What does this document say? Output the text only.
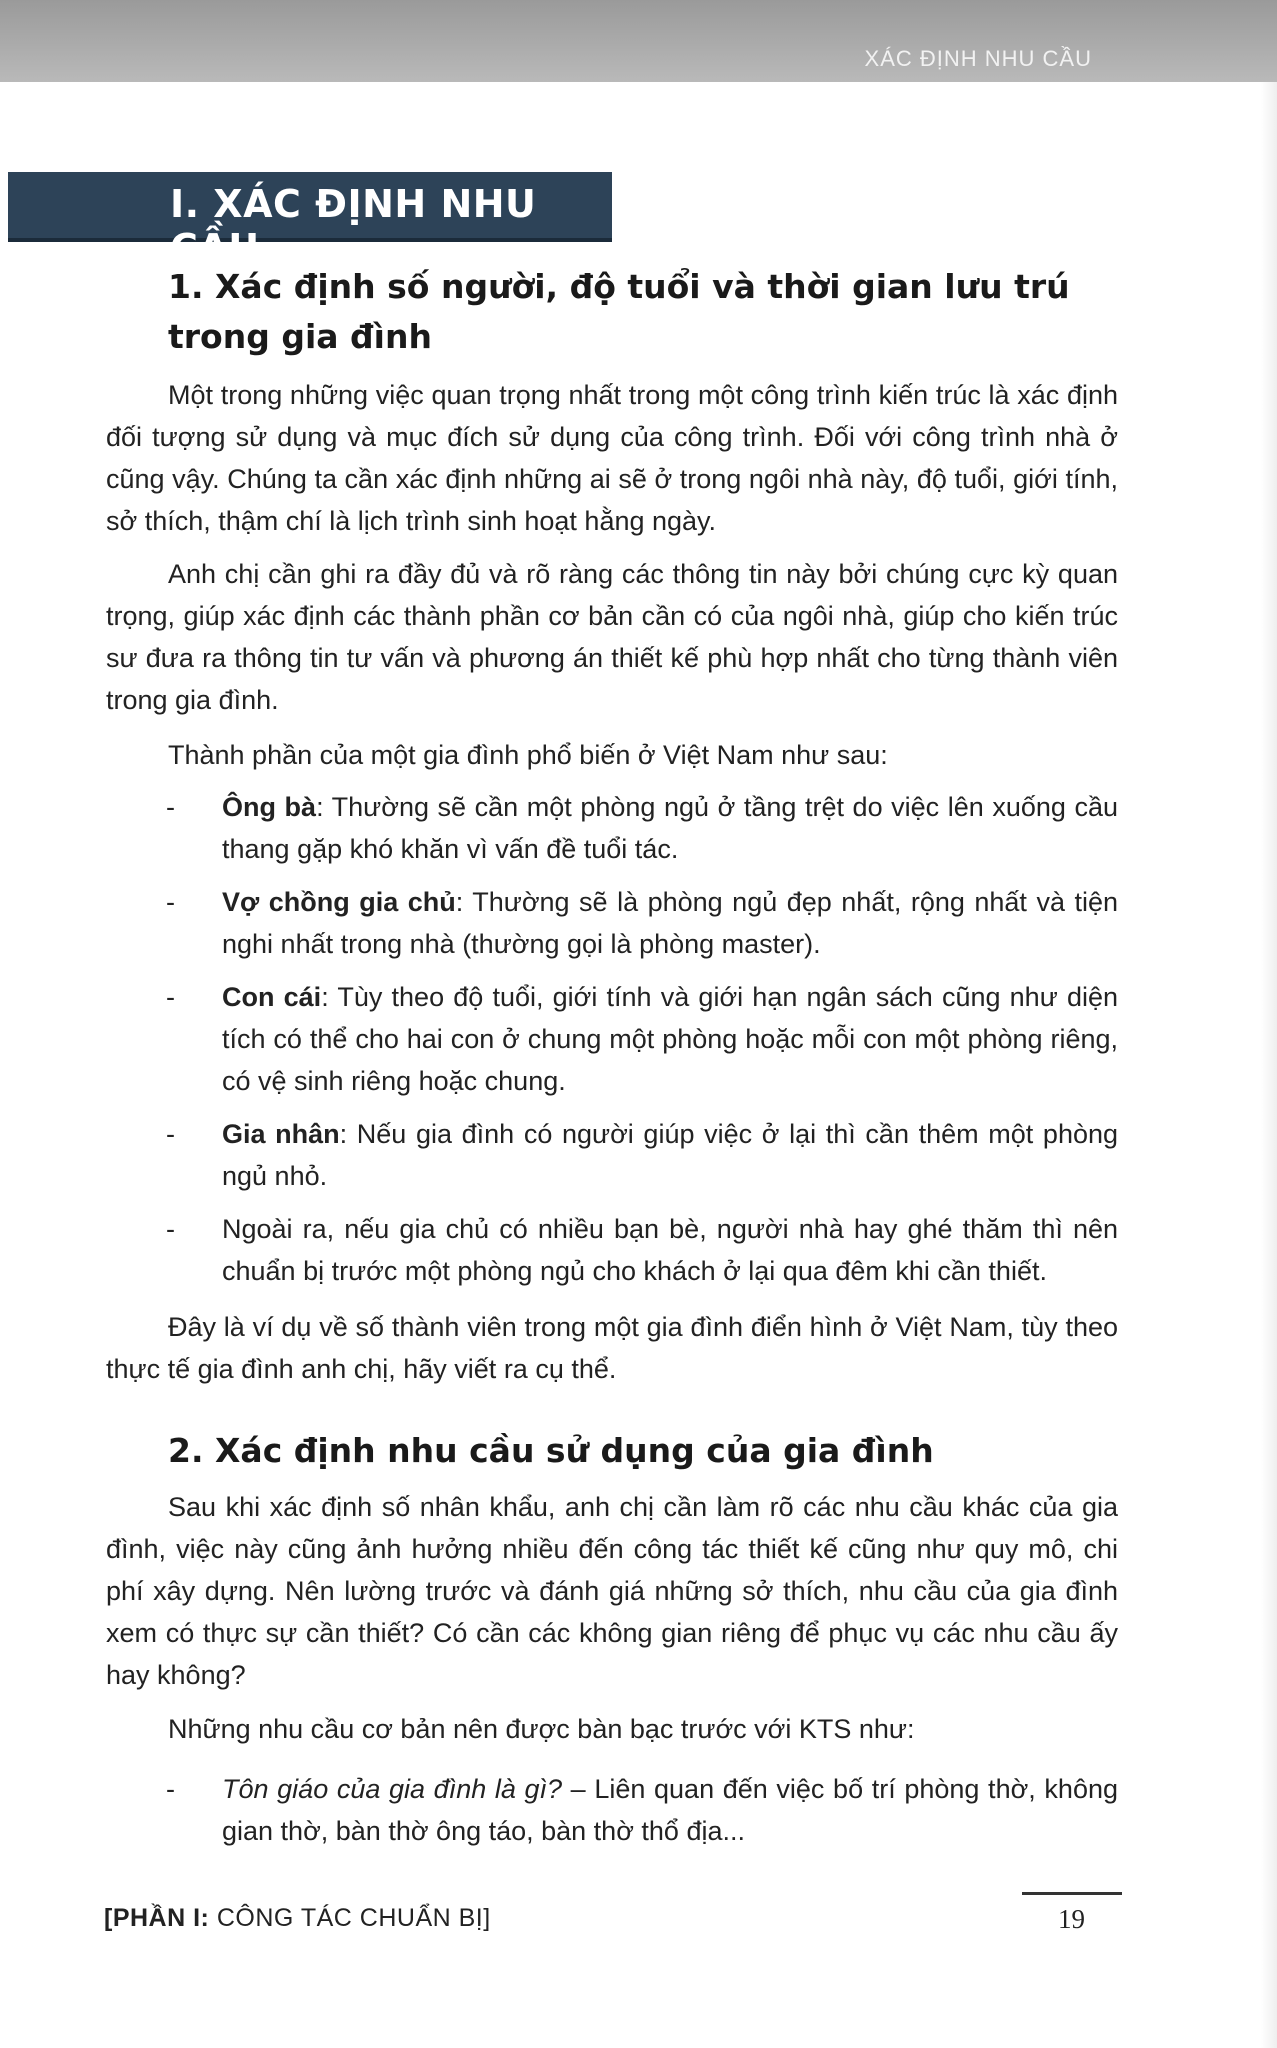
XÁC ĐỊNH NHU CẦU
I. XÁC ĐỊNH NHU CẦU
1. Xác định số người, độ tuổi và thời gian lưu trú trong gia đình

Một trong những việc quan trọng nhất trong một công trình kiến trúc là xác định đối tượng sử dụng và mục đích sử dụng của công trình. Đối với công trình nhà ở cũng vậy. Chúng ta cần xác định những ai sẽ ở trong ngôi nhà này, độ tuổi, giới tính, sở thích, thậm chí là lịch trình sinh hoạt hằng ngày.

Anh chị cần ghi ra đầy đủ và rõ ràng các thông tin này bởi chúng cực kỳ quan trọng, giúp xác định các thành phần cơ bản cần có của ngôi nhà, giúp cho kiến trúc sư đưa ra thông tin tư vấn và phương án thiết kế phù hợp nhất cho từng thành viên trong gia đình.

Thành phần của một gia đình phổ biến ở Việt Nam như sau:

- Ông bà: Thường sẽ cần một phòng ngủ ở tầng trệt do việc lên xuống cầu thang gặp khó khăn vì vấn đề tuổi tác.
- Vợ chồng gia chủ: Thường sẽ là phòng ngủ đẹp nhất, rộng nhất và tiện nghi nhất trong nhà (thường gọi là phòng master).
- Con cái: Tùy theo độ tuổi, giới tính và giới hạn ngân sách cũng như diện tích có thể cho hai con ở chung một phòng hoặc mỗi con một phòng riêng, có vệ sinh riêng hoặc chung.
- Gia nhân: Nếu gia đình có người giúp việc ở lại thì cần thêm một phòng ngủ nhỏ.
- Ngoài ra, nếu gia chủ có nhiều bạn bè, người nhà hay ghé thăm thì nên chuẩn bị trước một phòng ngủ cho khách ở lại qua đêm khi cần thiết.

Đây là ví dụ về số thành viên trong một gia đình điển hình ở Việt Nam, tùy theo thực tế gia đình anh chị, hãy viết ra cụ thể.

2. Xác định nhu cầu sử dụng của gia đình

Sau khi xác định số nhân khẩu, anh chị cần làm rõ các nhu cầu khác của gia đình, việc này cũng ảnh hưởng nhiều đến công tác thiết kế cũng như quy mô, chi phí xây dựng. Nên lường trước và đánh giá những sở thích, nhu cầu của gia đình xem có thực sự cần thiết? Có cần các không gian riêng để phục vụ các nhu cầu ấy hay không?

Những nhu cầu cơ bản nên được bàn bạc trước với KTS như:

- Tôn giáo của gia đình là gì? – Liên quan đến việc bố trí phòng thờ, không gian thờ, bàn thờ ông táo, bàn thờ thổ địa...
[PHẦN I: CÔNG TÁC CHUẨN BỊ]	19
